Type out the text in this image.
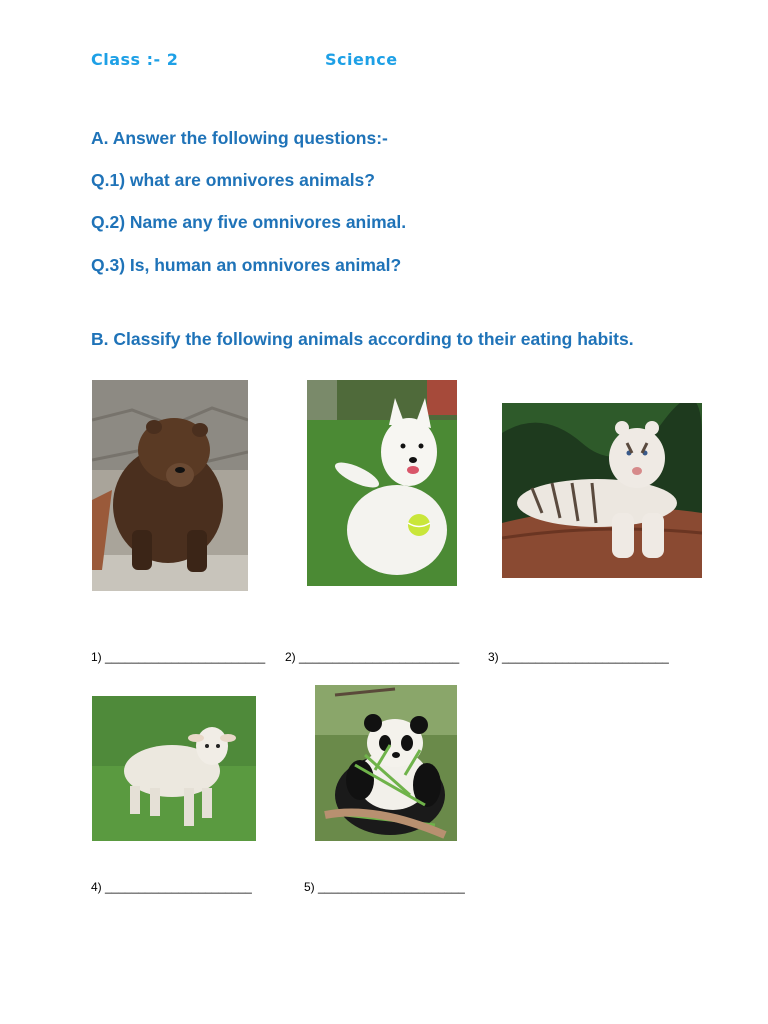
Class :- 2	Science
A. Answer the following questions:-
Q.1) what are omnivores animals?
Q.2) Name any five omnivores animal.
Q.3) Is, human an omnivores animal?
B. Classify the following animals according to their eating habits.
1) ________________________ 2) ________________________ 3) _________________________
4) ______________________	5) ______________________
